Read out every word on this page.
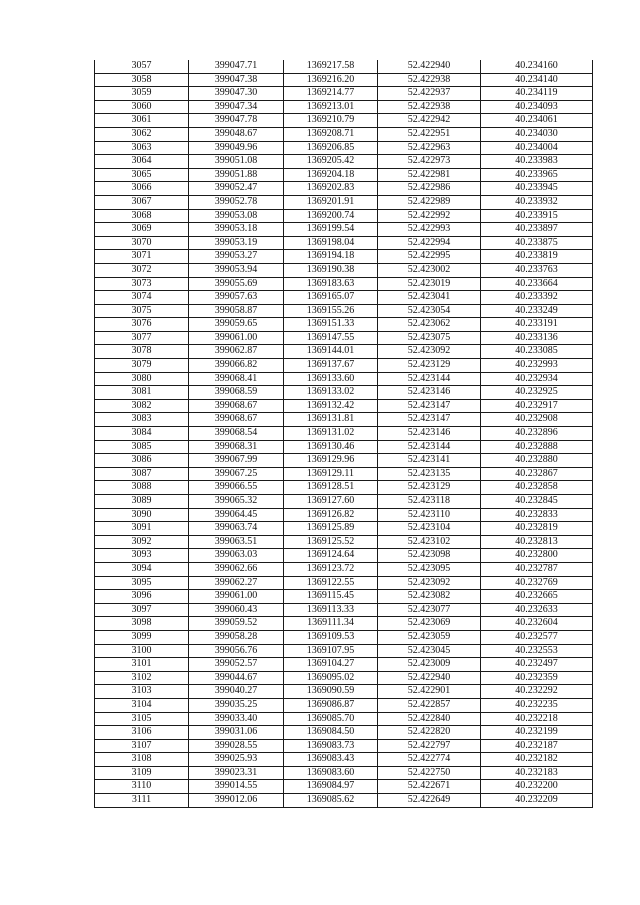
3057	399047.71	1369217.58	52.422940	40.234160
3058	399047.38	1369216.20	52.422938	40.234140
3059	399047.30	1369214.77	52.422937	40.234119
3060	399047.34	1369213.01	52.422938	40.234093
3061	399047.78	1369210.79	52.422942	40.234061
3062	399048.67	1369208.71	52.422951	40.234030
3063	399049.96	1369206.85	52.422963	40.234004
3064	399051.08	1369205.42	52.422973	40.233983
3065	399051.88	1369204.18	52.422981	40.233965
3066	399052.47	1369202.83	52.422986	40.233945
3067	399052.78	1369201.91	52.422989	40.233932
3068	399053.08	1369200.74	52.422992	40.233915
3069	399053.18	1369199.54	52.422993	40.233897
3070	399053.19	1369198.04	52.422994	40.233875
3071	399053.27	1369194.18	52.422995	40.233819
3072	399053.94	1369190.38	52.423002	40.233763
3073	399055.69	1369183.63	52.423019	40.233664
3074	399057.63	1369165.07	52.423041	40.233392
3075	399058.87	1369155.26	52.423054	40.233249
3076	399059.65	1369151.33	52.423062	40.233191
3077	399061.00	1369147.55	52.423075	40.233136
3078	399062.87	1369144.01	52.423092	40.233085
3079	399066.82	1369137.67	52.423129	40.232993
3080	399068.41	1369133.60	52.423144	40.232934
3081	399068.59	1369133.02	52.423146	40.232925
3082	399068.67	1369132.42	52.423147	40.232917
3083	399068.67	1369131.81	52.423147	40.232908
3084	399068.54	1369131.02	52.423146	40.232896
3085	399068.31	1369130.46	52.423144	40.232888
3086	399067.99	1369129.96	52.423141	40.232880
3087	399067.25	1369129.11	52.423135	40.232867
3088	399066.55	1369128.51	52.423129	40.232858
3089	399065.32	1369127.60	52.423118	40.232845
3090	399064.45	1369126.82	52.423110	40.232833
3091	399063.74	1369125.89	52.423104	40.232819
3092	399063.51	1369125.52	52.423102	40.232813
3093	399063.03	1369124.64	52.423098	40.232800
3094	399062.66	1369123.72	52.423095	40.232787
3095	399062.27	1369122.55	52.423092	40.232769
3096	399061.00	1369115.45	52.423082	40.232665
3097	399060.43	1369113.33	52.423077	40.232633
3098	399059.52	1369111.34	52.423069	40.232604
3099	399058.28	1369109.53	52.423059	40.232577
3100	399056.76	1369107.95	52.423045	40.232553
3101	399052.57	1369104.27	52.423009	40.232497
3102	399044.67	1369095.02	52.422940	40.232359
3103	399040.27	1369090.59	52.422901	40.232292
3104	399035.25	1369086.87	52.422857	40.232235
3105	399033.40	1369085.70	52.422840	40.232218
3106	399031.06	1369084.50	52.422820	40.232199
3107	399028.55	1369083.73	52.422797	40.232187
3108	399025.93	1369083.43	52.422774	40.232182
3109	399023.31	1369083.60	52.422750	40.232183
3110	399014.55	1369084.97	52.422671	40.232200
3111	399012.06	1369085.62	52.422649	40.232209
